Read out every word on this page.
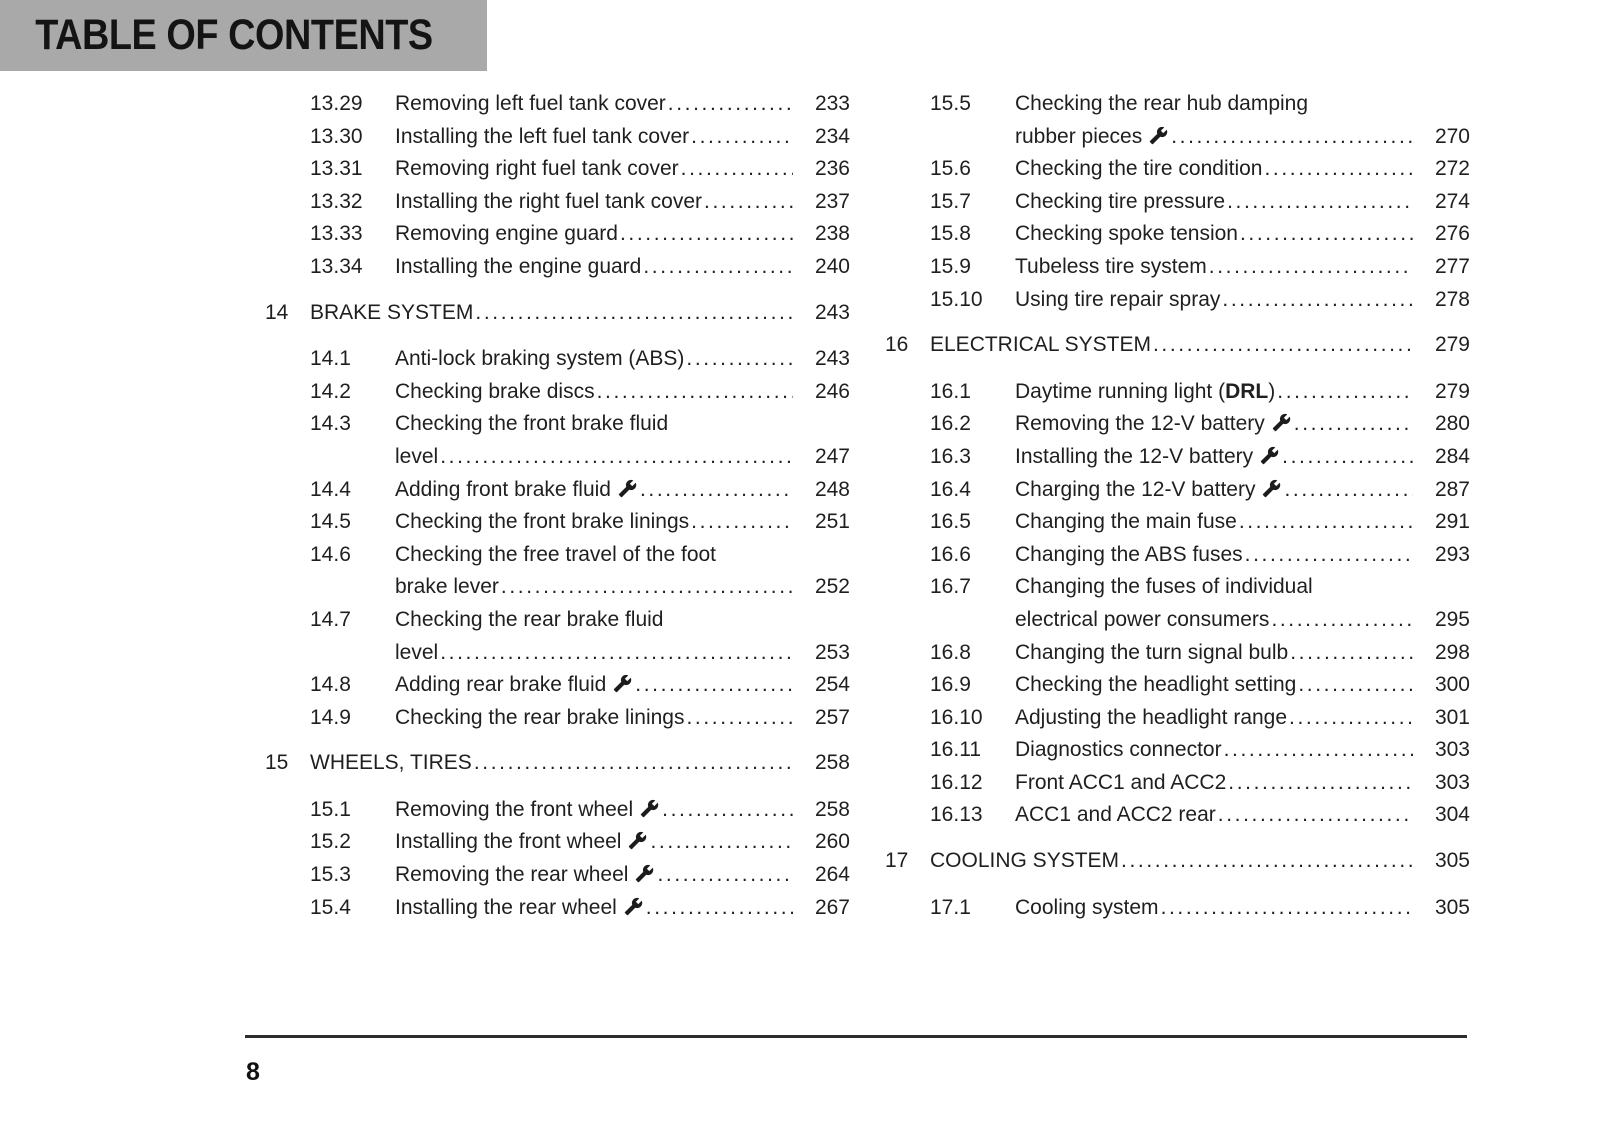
TABLE OF CONTENTS
13.29	Removing left fuel tank cover .....	233
13.30	Installing the left fuel tank cover .....	234
13.31	Removing right fuel tank cover .....	236
13.32	Installing the right fuel tank cover .....	237
13.33	Removing engine guard .....	238
13.34	Installing the engine guard .....	240
14	BRAKE SYSTEM .....	243
14.1	Anti-lock braking system (ABS) .....	243
14.2	Checking brake discs .....	246
14.3	Checking the front brake fluid
level .....	247
14.4	Adding front brake fluid .....	248
14.5	Checking the front brake linings .....	251
14.6	Checking the free travel of the foot
brake lever .....	252
14.7	Checking the rear brake fluid
level .....	253
14.8	Adding rear brake fluid .....	254
14.9	Checking the rear brake linings .....	257
15	WHEELS, TIRES .....	258
15.1	Removing the front wheel .....	258
15.2	Installing the front wheel .....	260
15.3	Removing the rear wheel .....	264
15.4	Installing the rear wheel .....	267
15.5	Checking the rear hub damping
rubber pieces .....	270
15.6	Checking the tire condition .....	272
15.7	Checking tire pressure .....	274
15.8	Checking spoke tension .....	276
15.9	Tubeless tire system .....	277
15.10	Using tire repair spray .....	278
16	ELECTRICAL SYSTEM .....	279
16.1	Daytime running light (DRL) .....	279
16.2	Removing the 12-V battery .....	280
16.3	Installing the 12-V battery .....	284
16.4	Charging the 12-V battery .....	287
16.5	Changing the main fuse .....	291
16.6	Changing the ABS fuses .....	293
16.7	Changing the fuses of individual
electrical power consumers .....	295
16.8	Changing the turn signal bulb .....	298
16.9	Checking the headlight setting .....	300
16.10	Adjusting the headlight range .....	301
16.11	Diagnostics connector .....	303
16.12	Front ACC1 and ACC2 .....	303
16.13	ACC1 and ACC2 rear .....	304
17	COOLING SYSTEM .....	305
17.1	Cooling system .....	305
8
